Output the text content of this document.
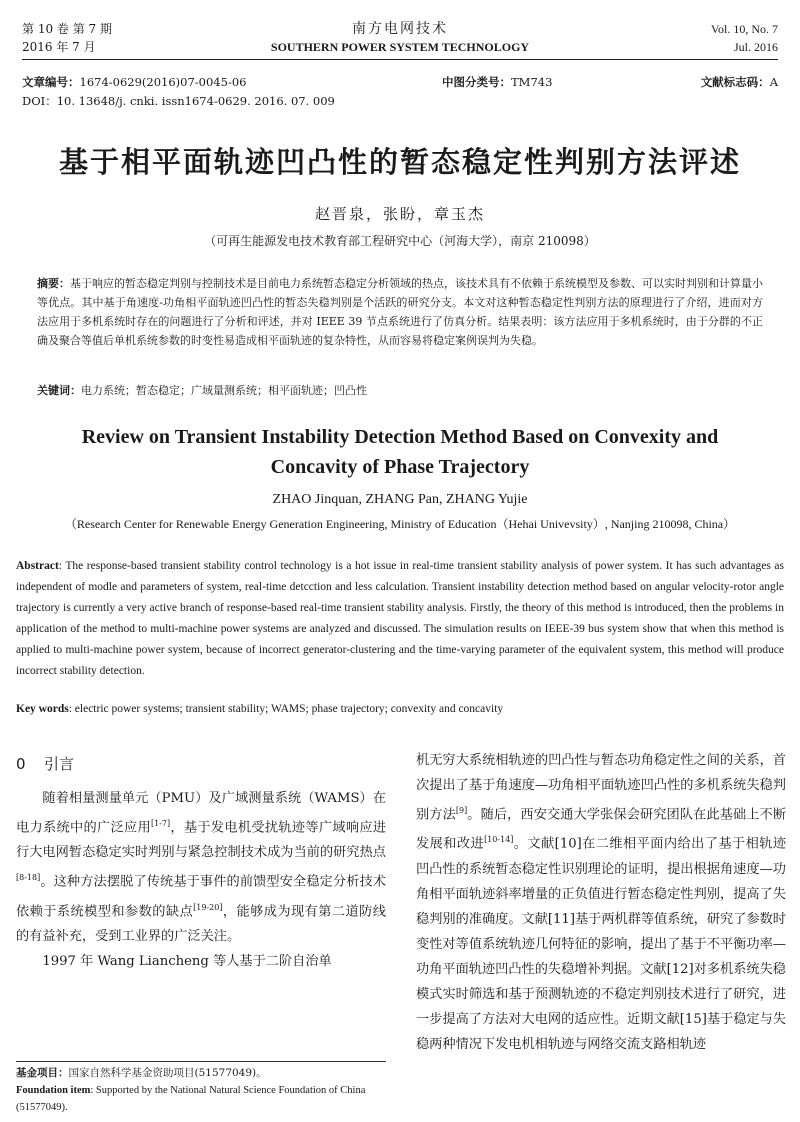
第 10 卷 第 7 期
2016 年 7 月
南方电网技术
SOUTHERN POWER SYSTEM TECHNOLOGY
Vol. 10, No. 7
Jul. 2016
文章编号：1674-0629(2016)07-0045-06	中图分类号：TM743	文献标志码：A
DOI：10. 13648/j. cnki. issn1674-0629. 2016. 07. 009
基于相平面轨迹凹凸性的暂态稳定性判别方法评述
赵晋泉，张盼，章玉杰
（可再生能源发电技术教育部工程研究中心（河海大学），南京 210098）
摘要：基于响应的暂态稳定判别与控制技术是目前电力系统暂态稳定分析领域的热点，该技术具有不依赖于系统模型及参数、可以实时判别和计算量小等优点。其中基于角速度-功角相平面轨迹凹凸性的暂态失稳判别是个活跃的研究分支。本文对这种暂态稳定性判别方法的原理进行了介绍，进而对方法应用于多机系统时存在的问题进行了分析和评述，并对 IEEE 39 节点系统进行了仿真分析。结果表明：该方法应用于多机系统时，由于分群的不正确及聚合等值后单机系统参数的时变性易造成相平面轨迹的复杂特性，从而容易将稳定案例误判为失稳。
关键词：电力系统；暂态稳定；广域量测系统；相平面轨迹；凹凸性
Review on Transient Instability Detection Method Based on Convexity and Concavity of Phase Trajectory
ZHAO Jinquan, ZHANG Pan, ZHANG Yujie
（Research Center for Renewable Energy Generation Engineering, Ministry of Education（Hehai Univevsity）, Nanjing 210098, China）
Abstract: The response-based transient stability control technology is a hot issue in real-time transient stability analysis of power system. It has such advantages as independent of modle and parameters of system, real-time detcction and less calculation. Transient instability detection method based on angular velocity-rotor angle trajectory is currently a very active branch of response-based real-time transient stability analysis. Firstly, the theory of this method is introduced, then the problems in application of the method to multi-machine power systems are analyzed and discussed. The simulation results on IEEE-39 bus system show that when this method is applied to multi-machine power system, because of incorrect generator-clustering and the time-varying parameter of the equivalent system, this method will produce incorrect stability detection.
Key words: electric power systems; transient stability; WAMS; phase trajectory; convexity and concavity
0 引言

随着相量测量单元（PMU）及广域测量系统（WAMS）在电力系统中的广泛应用[1-7]，基于发电机受扰轨迹等广域响应进行大电网暂态稳定实时判别与紧急控制技术成为当前的研究热点[8-18]。这种方法摆脱了传统基于事件的前馈型安全稳定分析技术依赖于系统模型和参数的缺点[19-20]，能够成为现有第二道防线的有益补充，受到工业界的广泛关注。

1997 年 Wang Liancheng 等人基于二阶自治单

机无穷大系统相轨迹的凹凸性与暂态功角稳定性之间的关系，首次提出了基于角速度—功角相平面轨迹凹凸性的多机系统失稳判别方法[9]。随后，西安交通大学张保会研究团队在此基础上不断发展和改进[10-14]。文献[10]在二维相平面内给出了基于相轨迹凹凸性的系统暂态稳定性识别理论的证明，提出根据角速度—功角相平面轨迹斜率增量的正负值进行暂态稳定性判别，提高了失稳判别的准确度。文献[11]基于两机群等值系统，研究了参数时变性对等值系统轨迹几何特征的影响，提出了基于不平衡功率—功角平面轨迹凹凸性的失稳增补判据。文献[12]对多机系统失稳模式实时筛选和基于预测轨迹的不稳定判别技术进行了研究，进一步提高了方法对大电网的适应性。近期文献[15]基于稳定与失稳两种情况下发电机相轨迹与网络交流支路相轨迹

基金项目：国家自然科学基金资助项目(51577049)。
Foundation item: Supported by the National Natural Science Foundation of China (51577049).
